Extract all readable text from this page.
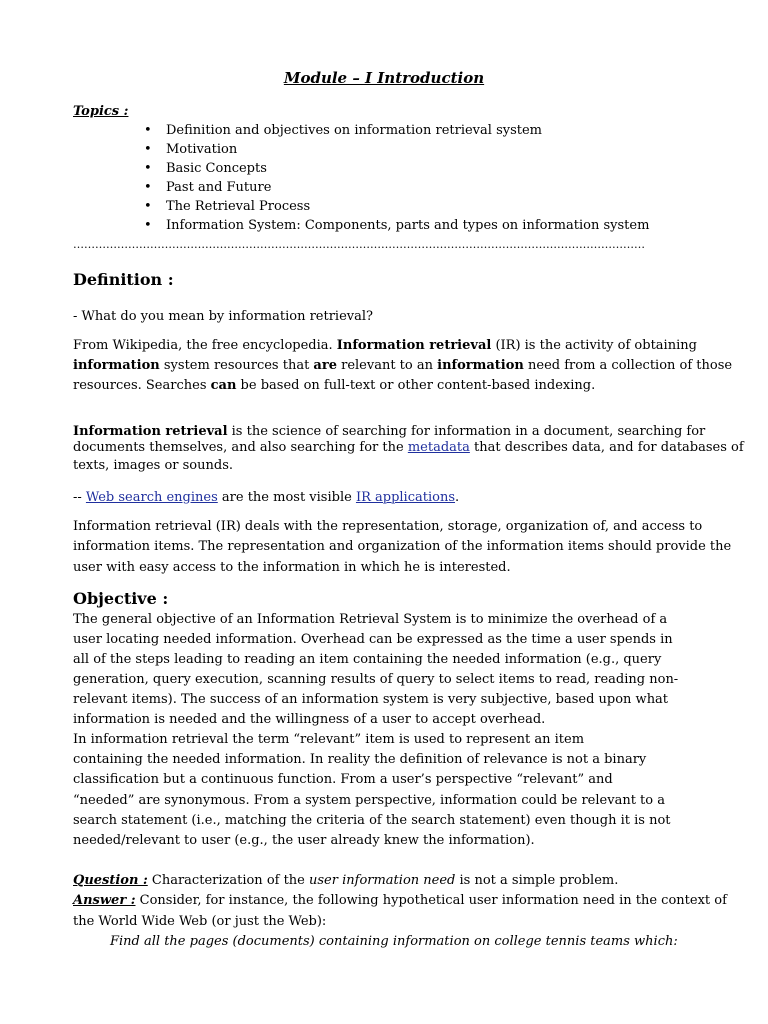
Module – I Introduction
Topics :
• Definition and objectives on information retrieval system
• Motivation
• Basic Concepts
• Past and Future
• The Retrieval Process
• Information System: Components, parts and types on information system
…………………………………………………………………………………………………………………………………………
Definition :
- What do you mean by information retrieval?
From Wikipedia, the free encyclopedia. Information retrieval (IR) is the activity of obtaining
information system resources that are relevant to an information need from a collection of those
resources. Searches can be based on full-text or other content-based indexing.
Information retrieval is the science of searching for information in a document, searching for
documents themselves, and also searching for the metadata that describes data, and for databases of
texts, images or sounds.
-- Web search engines are the most visible IR applications.
Information retrieval (IR) deals with the representation, storage, organization of, and access to
information items. The representation and organization of the information items should provide the
user with easy access to the information in which he is interested.
Objective :
The general objective of an Information Retrieval System is to minimize the overhead of a
user locating needed information. Overhead can be expressed as the time a user spends in
all of the steps leading to reading an item containing the needed information (e.g., query
generation, query execution, scanning results of query to select items to read, reading non-
relevant items). The success of an information system is very subjective, based upon what
information is needed and the willingness of a user to accept overhead.
In information retrieval the term “relevant” item is used to represent an item
containing the needed information. In reality the definition of relevance is not a binary
classification but a continuous function. From a user’s perspective “relevant” and
“needed” are synonymous. From a system perspective, information could be relevant to a
search statement (i.e., matching the criteria of the search statement) even though it is not
needed/relevant to user (e.g., the user already knew the information).
Question : Characterization of the user information need is not a simple problem.
Answer : Consider, for instance, the following hypothetical user information need in the context of
the World Wide Web (or just the Web):
Find all the pages (documents) containing information on college tennis teams which:
